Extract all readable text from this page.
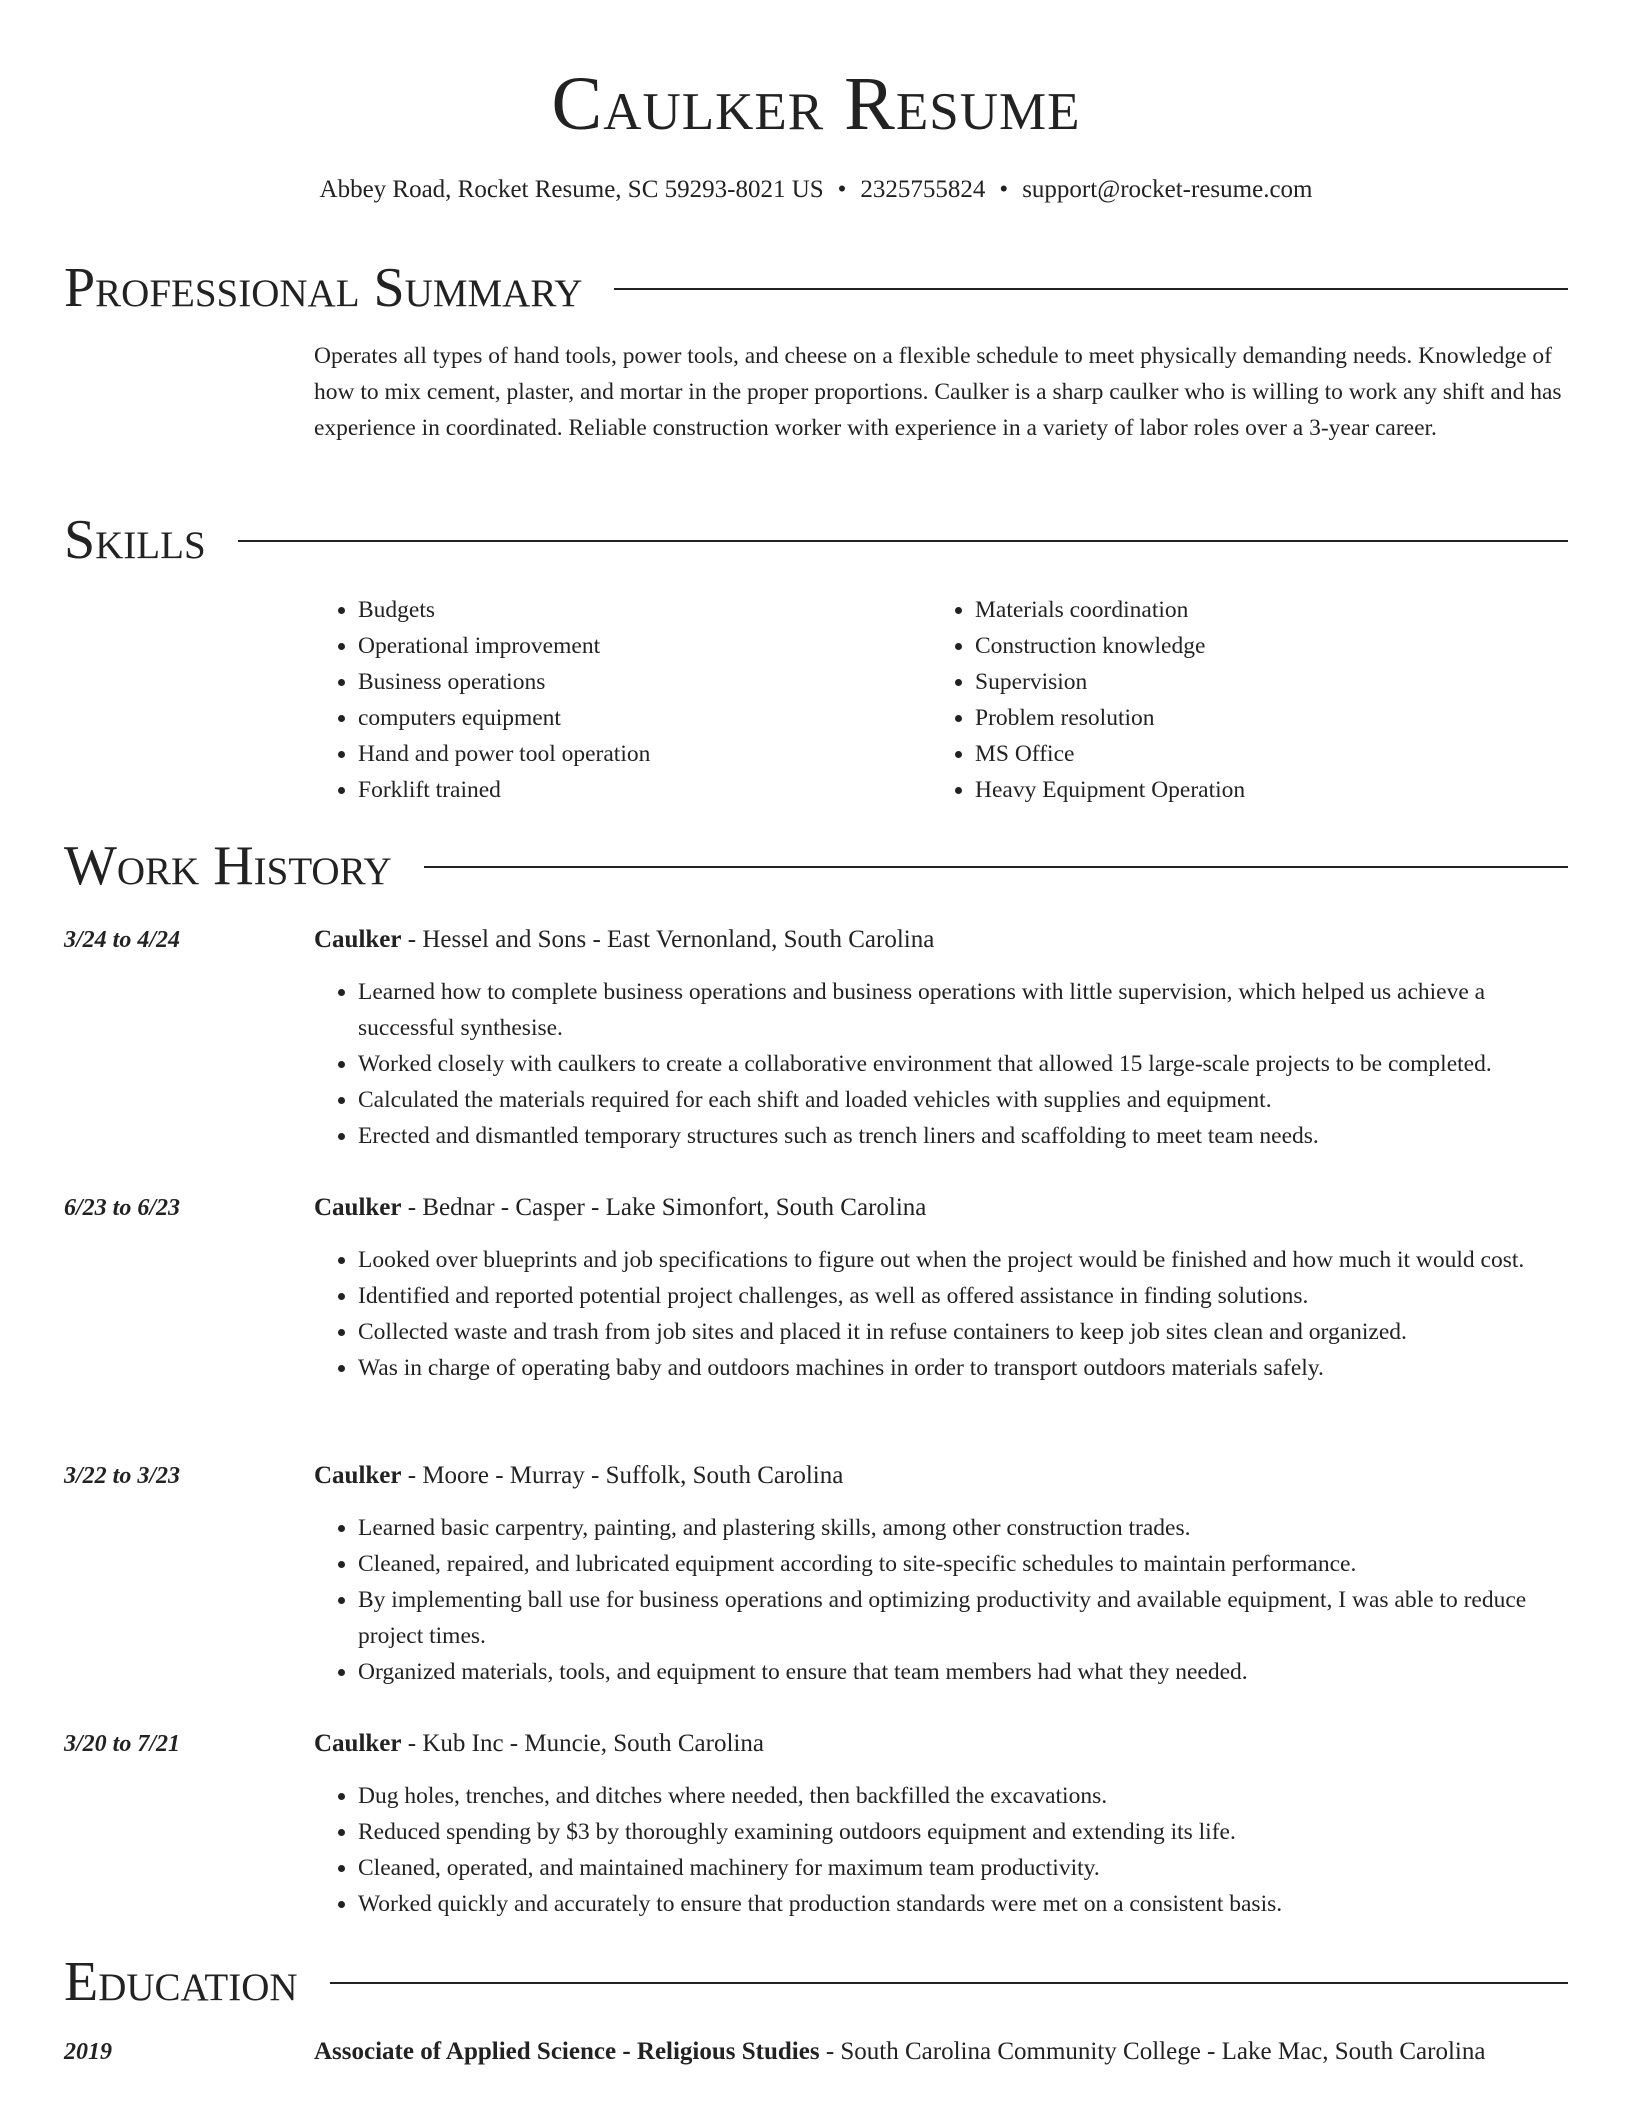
Caulker Resume
Abbey Road, Rocket Resume, SC 59293-8021 US • 2325755824 • support@rocket-resume.com
Professional Summary

Operates all types of hand tools, power tools, and cheese on a flexible schedule to meet physically demanding needs. Knowledge of how to mix cement, plaster, and mortar in the proper proportions. Caulker is a sharp caulker who is willing to work any shift and has experience in coordinated. Reliable construction worker with experience in a variety of labor roles over a 3-year career.

Skills
• Budgets
• Operational improvement
• Business operations
• computers equipment
• Hand and power tool operation
• Forklift trained
• Materials coordination
• Construction knowledge
• Supervision
• Problem resolution
• MS Office
• Heavy Equipment Operation
Work History
3/24 to 4/24	Caulker - Hessel and Sons - East Vernonland, South Carolina
• Learned how to complete business operations and business operations with little supervision, which helped us achieve a successful synthesise.
• Worked closely with caulkers to create a collaborative environment that allowed 15 large-scale projects to be completed.
• Calculated the materials required for each shift and loaded vehicles with supplies and equipment.
• Erected and dismantled temporary structures such as trench liners and scaffolding to meet team needs.
6/23 to 6/23	Caulker - Bednar - Casper - Lake Simonfort, South Carolina
• Looked over blueprints and job specifications to figure out when the project would be finished and how much it would cost.
• Identified and reported potential project challenges, as well as offered assistance in finding solutions.
• Collected waste and trash from job sites and placed it in refuse containers to keep job sites clean and organized.
• Was in charge of operating baby and outdoors machines in order to transport outdoors materials safely.
3/22 to 3/23	Caulker - Moore - Murray - Suffolk, South Carolina
• Learned basic carpentry, painting, and plastering skills, among other construction trades.
• Cleaned, repaired, and lubricated equipment according to site-specific schedules to maintain performance.
• By implementing ball use for business operations and optimizing productivity and available equipment, I was able to reduce project times.
• Organized materials, tools, and equipment to ensure that team members had what they needed.
3/20 to 7/21	Caulker - Kub Inc - Muncie, South Carolina
• Dug holes, trenches, and ditches where needed, then backfilled the excavations.
• Reduced spending by $3 by thoroughly examining outdoors equipment and extending its life.
• Cleaned, operated, and maintained machinery for maximum team productivity.
• Worked quickly and accurately to ensure that production standards were met on a consistent basis.
Education
2019	Associate of Applied Science - Religious Studies - South Carolina Community College - Lake Mac, South Carolina
